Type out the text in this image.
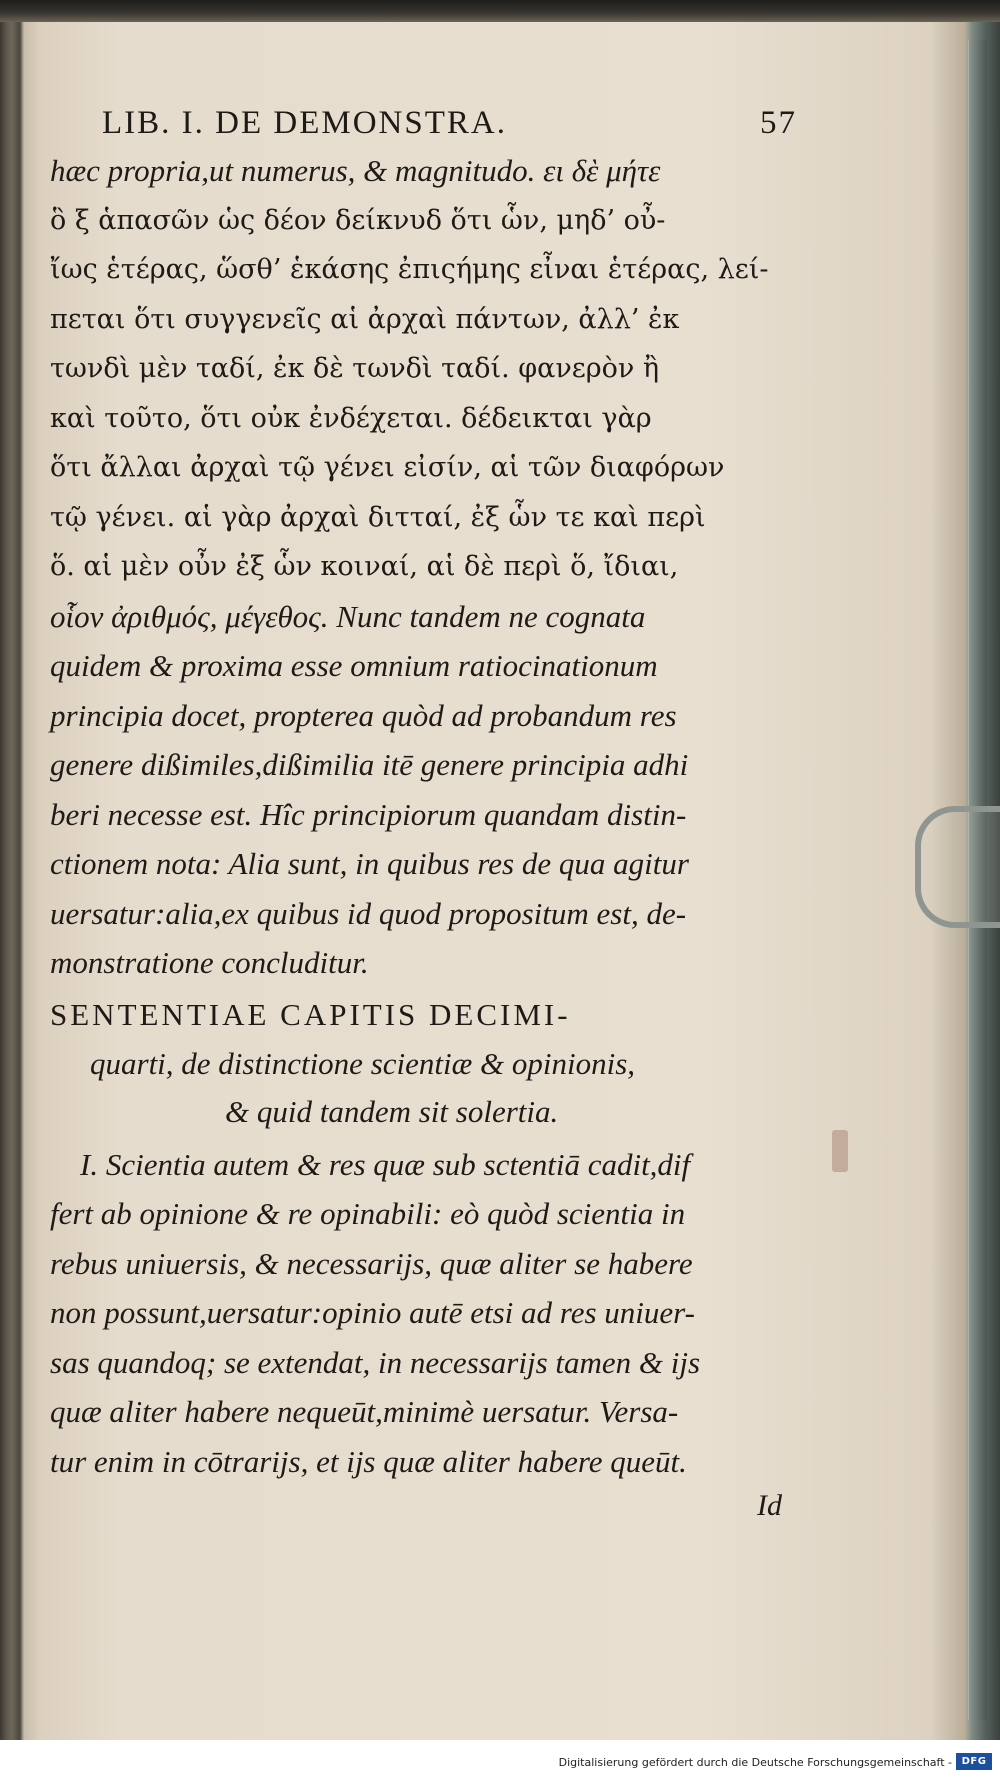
LIB. I. DE DEMONSTRA.	57
hæc propria,ut numerus, & magnitudo. ει δὲ μήτε
ὃ ξ ἁπασῶν ὡς δέον δείκνυδ ὅτι ὧν, μηδ’ οὖ-
ἴως ἑτέρας, ὥσθ’ ἑκάσης ἐπιςήμης εἶναι ἑτέρας, λεί-
πεται ὅτι συγγενεῖς αἱ ἀρχαὶ πάντων, ἀλλ’ ἐκ
τωνδὶ μὲν ταδί, ἐκ δὲ τωνδὶ ταδί. φανερὸν ἢ
καὶ τοῦτο, ὅτι οὐκ ἐνδέχεται. δέδεικται γὰρ
ὅτι ἄλλαι ἀρχαὶ τῷ γένει εἰσίν, αἱ τῶν διαφόρων
τῷ γένει. αἱ γὰρ ἀρχαὶ διτταί, ἐξ ὧν τε καὶ περὶ
ὅ. αἱ μὲν οὖν ἐξ ὧν κοιναί, αἱ δὲ περὶ ὅ, ἴδιαι,
οἷον ἀριθμός, μέγεθος. Nunc tandem ne cognata
quidem & proxima esse omnium ratiocinationum
principia docet, propterea quòd ad probandum res
genere dißimiles,dißimilia itē genere principia adhi
beri necesse est. Hîc principiorum quandam distin-
ctionem nota: Alia sunt, in quibus res de qua agitur
uersatur:alia,ex quibus id quod propositum est, de-
monstratione concluditur.
SENTENTIAE CAPITIS DECIMI-
quarti, de distinctione scientiæ & opinionis,
& quid tandem sit solertia.
I. Scientia autem & res quæ sub sctentiā cadit,dif
fert ab opinione & re opinabili: eò quòd scientia in
rebus uniuersis, & necessarijs, quæ aliter se habere
non possunt,uersatur:opinio autē etsi ad res uniuer-
sas quandoq; se extendat, in necessarijs tamen & ijs
quæ aliter habere nequeūt,minimè uersatur. Versa-
tur enim in cōtrarijs, et ijs quæ aliter habere queūt.
Id
Digitalisierung gefördert durch die Deutsche Forschungsgemeinschaft - DFG
